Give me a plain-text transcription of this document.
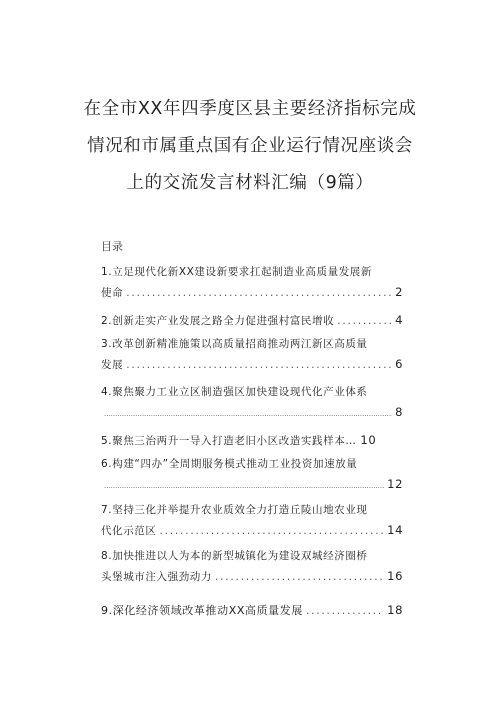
在全市XX年四季度区县主要经济指标完成
情况和市属重点国有企业运行情况座谈会
上的交流发言材料汇编（9篇）
目录
1.立足现代化新XX建设新要求扛起制造业高质量发展新
使命 .....	2
2.创新走实产业发展之路全力促进强村富民增收 .....	4
3.改革创新精准施策以高质量招商推动两江新区高质量
发展 .....	6
4.聚焦聚力工业立区制造强区加快建设现代化产业体系
.....
8
5.聚焦三治两升一导入打造老旧小区改造实践样本… 10
6.构建“四办”全周期服务模式推动工业投资加速放量
.....
12
7.坚持三化并举提升农业质效全力打造丘陵山地农业现
代化示范区 .....	14
8.加快推进以人为本的新型城镇化为建设双城经济圈桥
头堡城市注入强劲动力 .....	16
9.深化经济领域改革推动XX高质量发展 .....	18
